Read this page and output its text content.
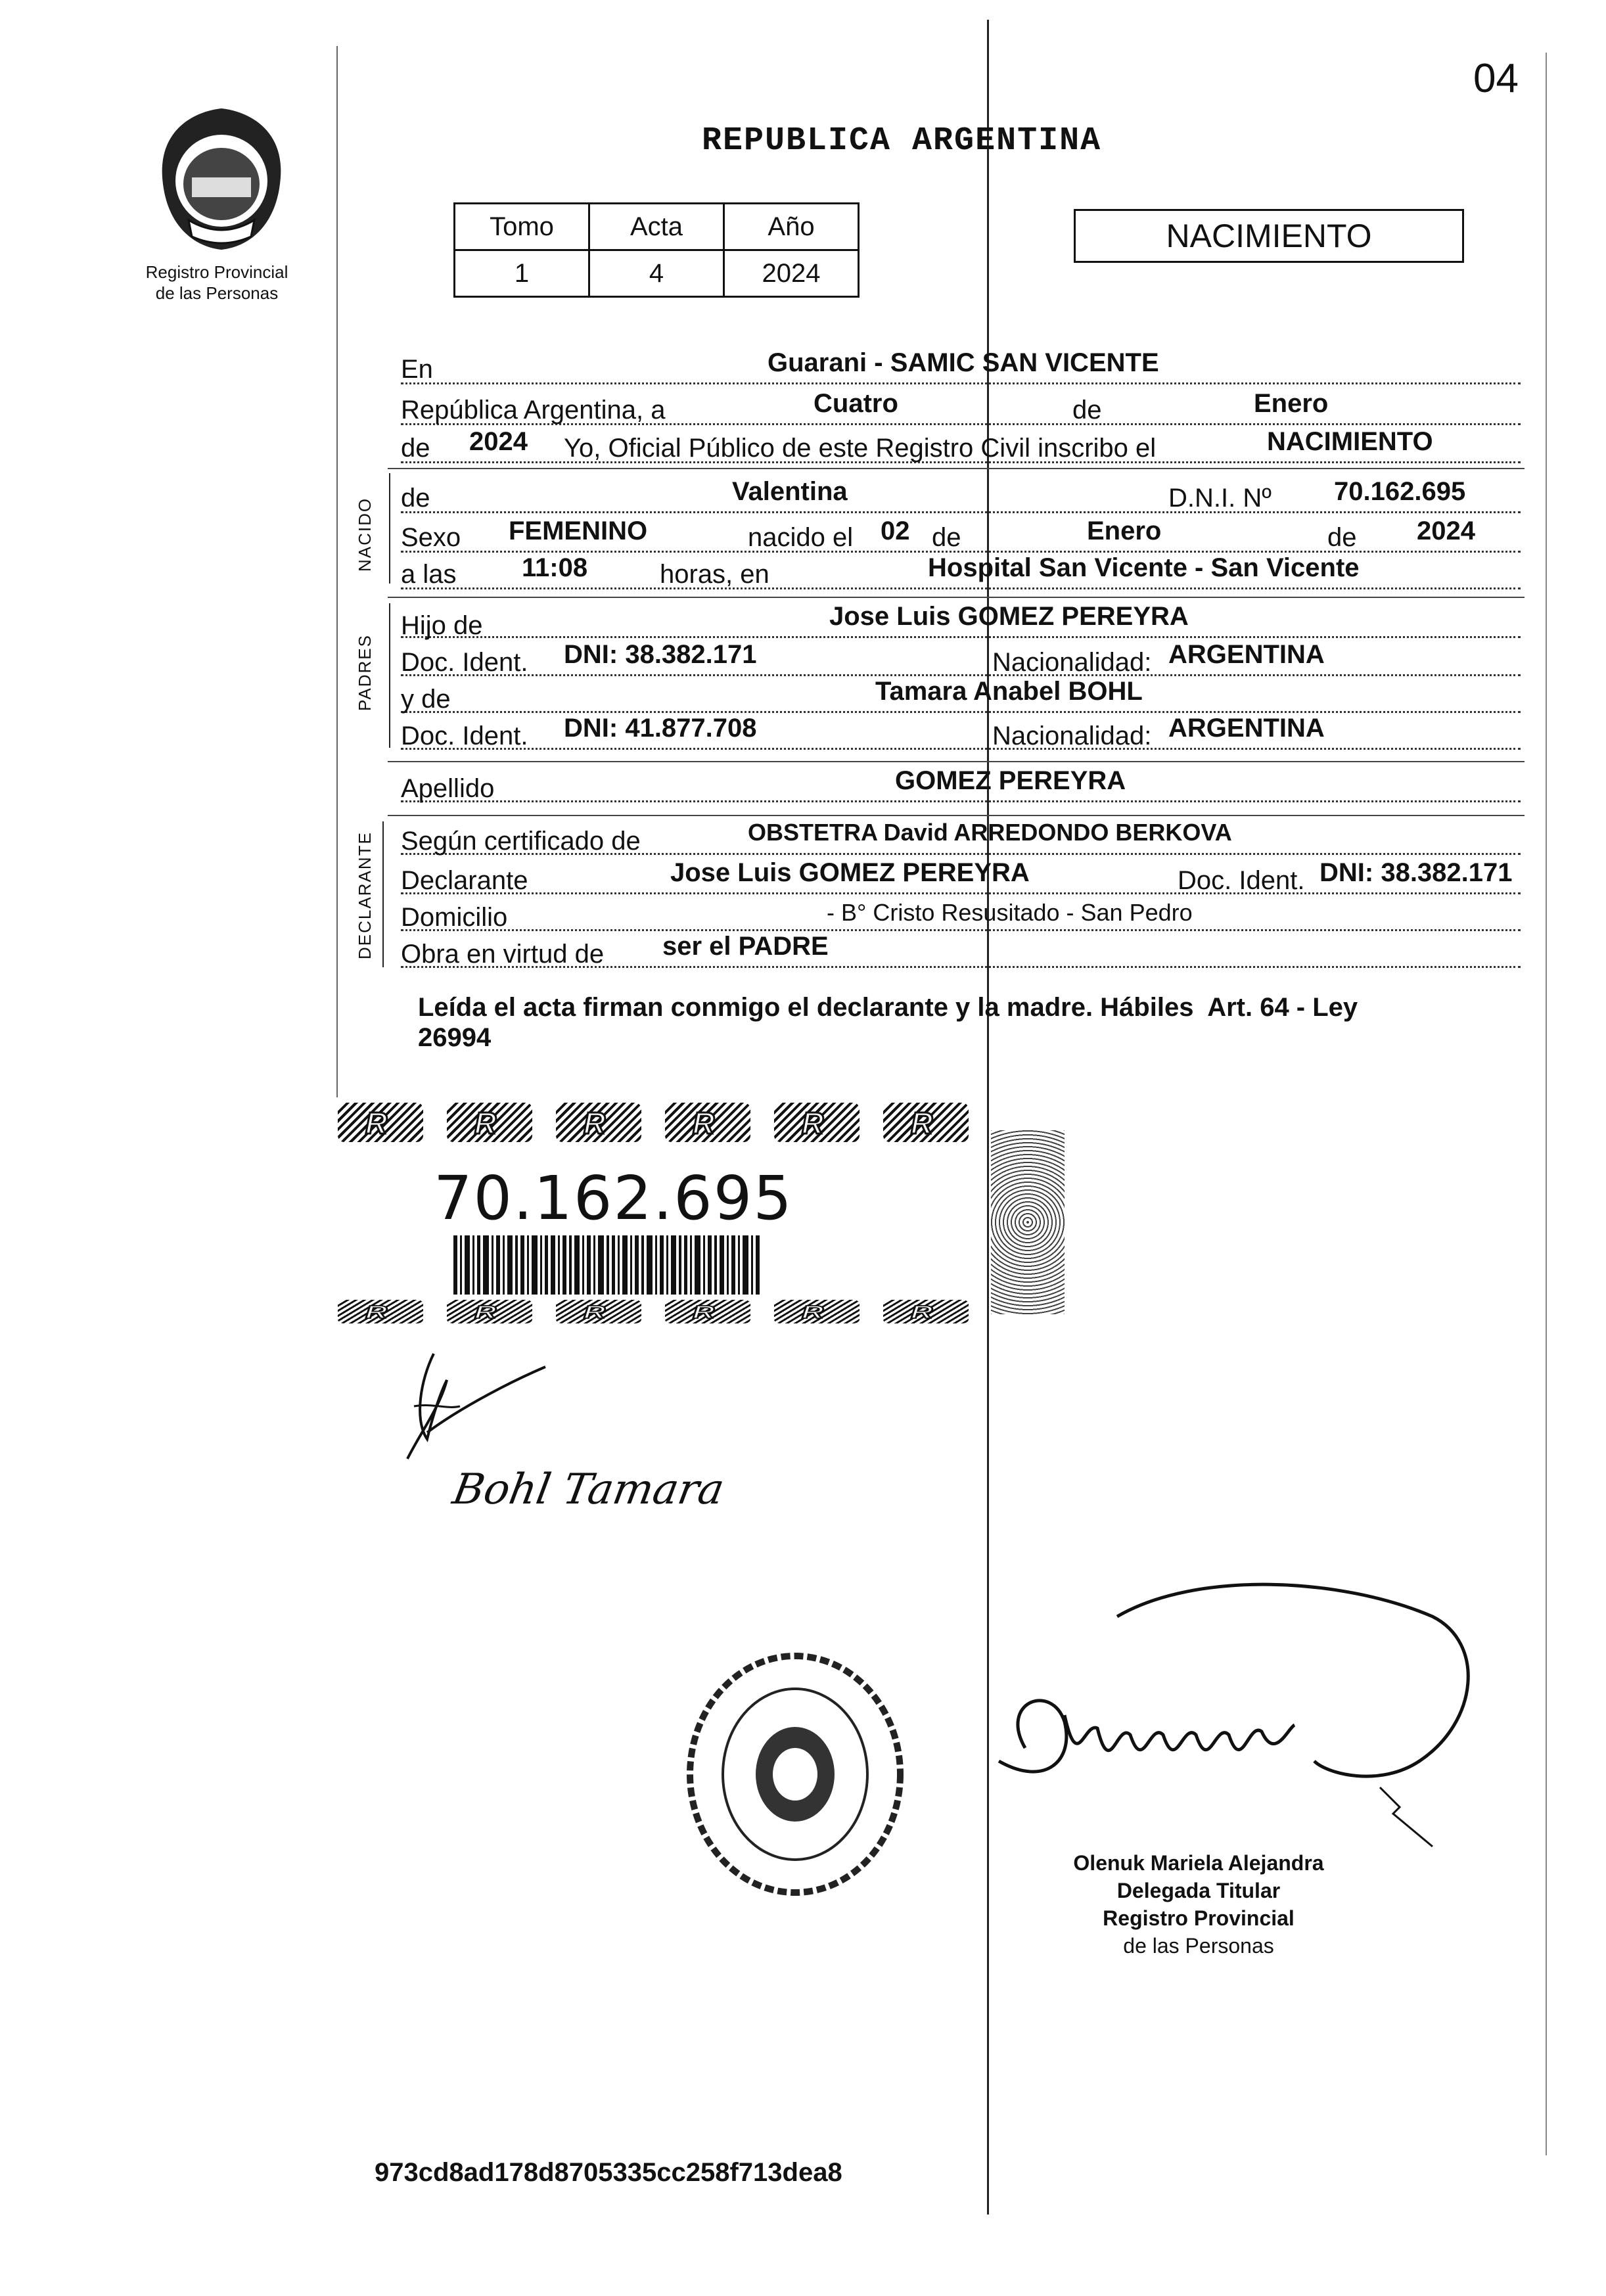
04
Registro Provincial
de las Personas
REPUBLICA ARGENTINA
Tomo	Acta	Año
1	4	2024
NACIMIENTO
NACIDO
PADRES
DECLARANTE
En	Guarani - SAMIC SAN VICENTE
República Argentina, a	Cuatro	de	Enero
de 2024 Yo, Oficial Público de este Registro Civil inscribo el	NACIMIENTO
de	Valentina	D.N.I. Nº 70.162.695
Sexo FEMENINO	nacido el 02 de	Enero	de 2024
a las 11:08	horas, en	Hospital San Vicente - San Vicente
Hijo de	Jose Luis GOMEZ PEREYRA
Doc. Ident. DNI: 38.382.171	Nacionalidad: ARGENTINA
y de	Tamara Anabel BOHL
Doc. Ident. DNI: 41.877.708	Nacionalidad: ARGENTINA
Apellido	GOMEZ PEREYRA
Según certificado de	OBSTETRA David ARREDONDO BERKOVA
Declarante	Jose Luis GOMEZ PEREYRA	Doc. Ident. DNI: 38.382.171
Domicilio	- B° Cristo Resusitado - San Pedro
Obra en virtud de ser el PADRE
Leída el acta firman conmigo el declarante y la madre. Hábiles  Art. 64 - Ley
26994
R	R	R	R	R	R
70.162.695
R	R	R	R	R	R
Bohl Tamara
Olenuk Mariela Alejandra
Delegada Titular
Registro Provincial
de las Personas
973cd8ad178d8705335cc258f713dea8
